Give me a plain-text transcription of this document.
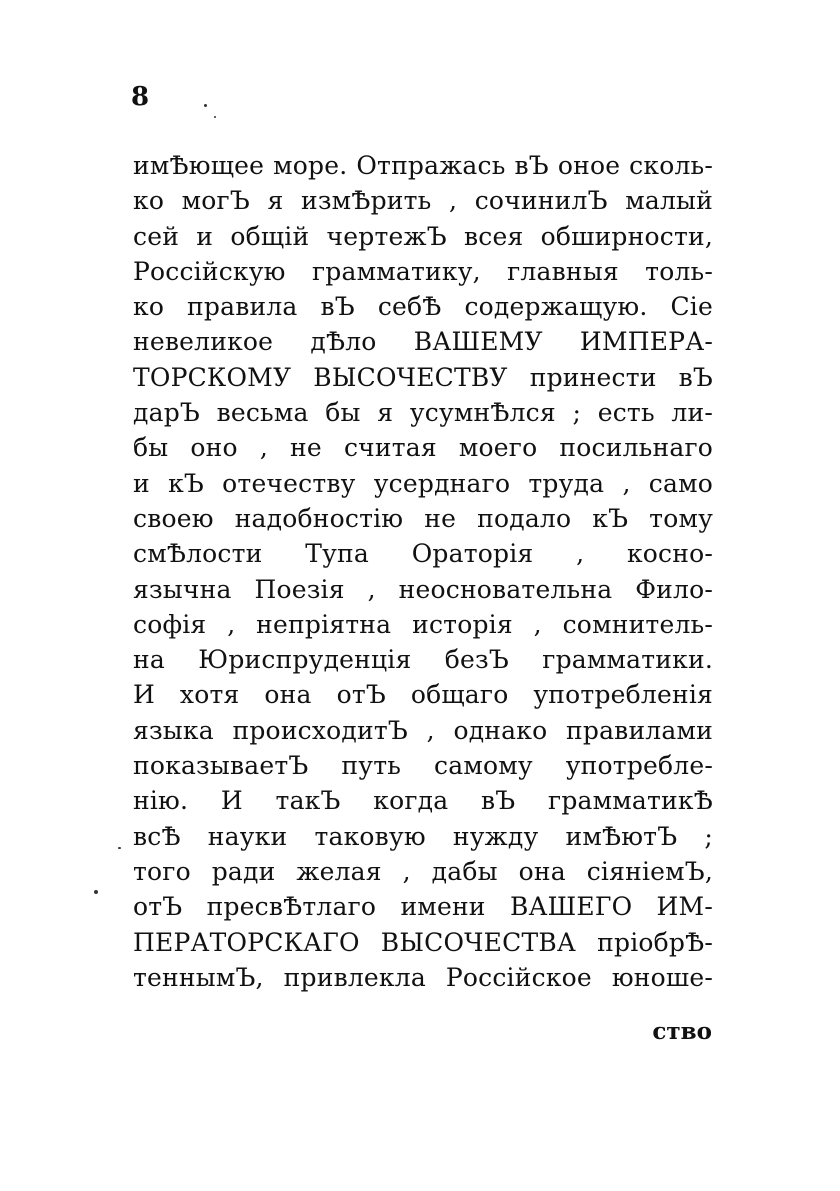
8
имѢющее море. Отпражась вЪ оное сколь-
ко могЪ я измѢрить , сочинилЪ малый
сей и общій чертежЪ всея обширности,
Россійскую грамматику, главныя толь-
ко правила вЪ себѢ содержащую. Сіе
невеликое дѢло ВАШЕМУ ИМПЕРА-
ТОРСКОМУ ВЫСОЧЕСТВУ принести вЪ
дарЪ весьма бы я усумнѢлся ; есть ли-
бы оно , не считая моего посильнаго
и кЪ отечеству усерднаго труда , само
своею надобностію не подало кЪ тому
смѢлости Тупа Ораторія , косно-
язычна Поезія , неосновательна Фило-
софія , непріятна исторія , сомнитель-
на Юриспруденція безЪ грамматики.
И хотя она отЪ общаго употребленія
языка происходитЪ , однако правилами
показываетЪ путь самому употребле-
нію. И такЪ когда вЪ грамматикѢ
всѢ науки таковую нужду имѢютЪ ;
того ради желая , дабы она сіяніемЪ,
отЪ пресвѢтлаго имени ВАШЕГО ИМ-
ПЕРАТОРСКАГО ВЫСОЧЕСТВА пріобрѢ-
теннымЪ, привлекла Россійское юноше-
ство
